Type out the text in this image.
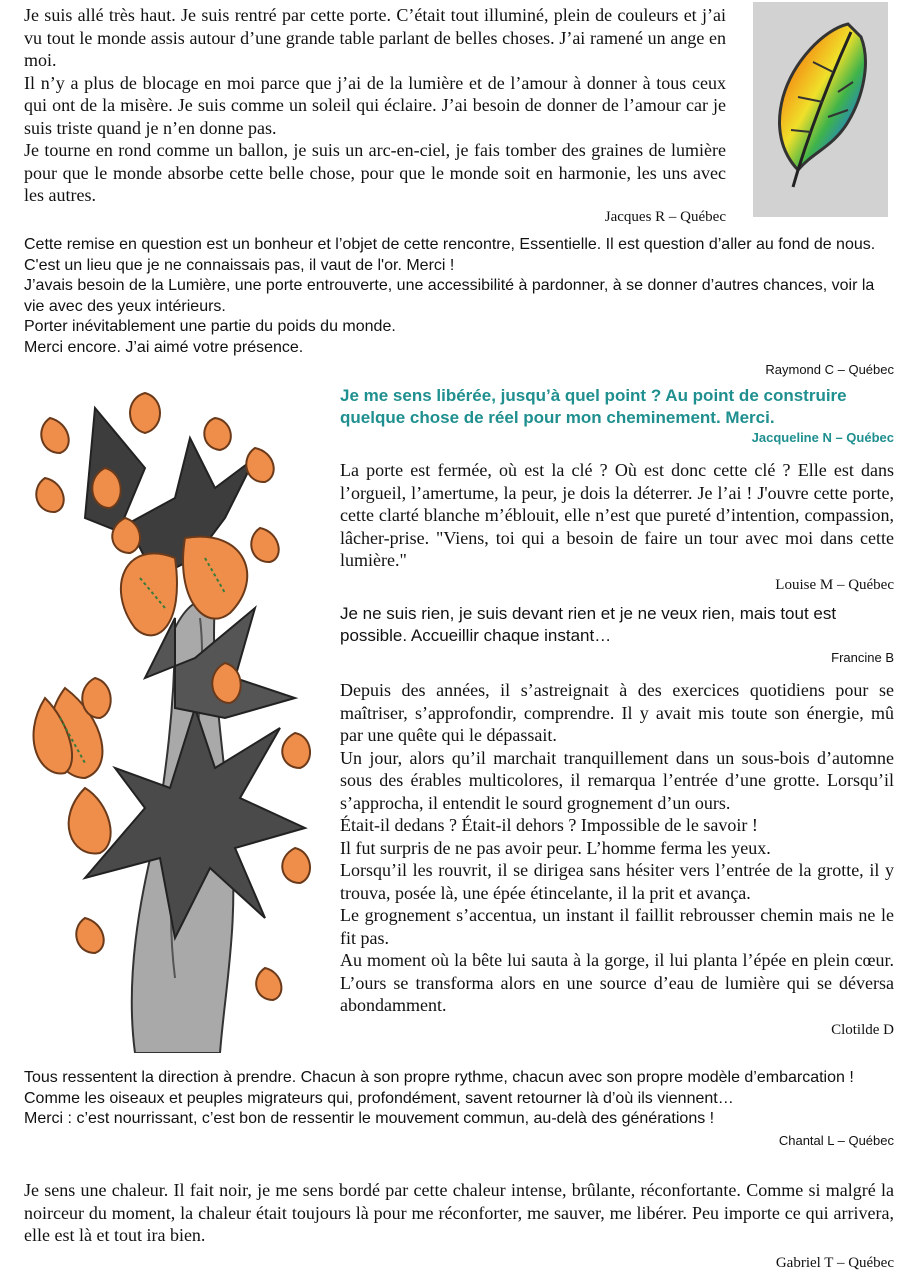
Je suis allé très haut. Je suis rentré par cette porte. C’était tout illuminé, plein de couleurs et j’ai vu tout le monde assis autour d’une grande table parlant de belles choses. J’ai ramené un ange en moi.

Il n’y a plus de blocage en moi parce que j’ai de la lumière et de l’amour à donner à tous ceux qui ont de la misère. Je suis comme un soleil qui éclaire. J’ai besoin de donner de l’amour car je suis triste quand je n’en donne pas.

Je tourne en rond comme un ballon, je suis un arc-en-ciel, je fais tomber des graines de lumière pour que le monde absorbe cette belle chose, pour que le monde soit en harmonie, les uns avec les autres.

Jacques R – Québec

Cette remise en question est un bonheur et l’objet de cette rencontre, Essentielle. Il est question d’aller au fond de nous. C'est un lieu que je ne connaissais pas, il vaut de l'or. Merci !

J’avais besoin de la Lumière, une porte entrouverte, une accessibilité à pardonner, à se donner d’autres chances, voir la vie avec des yeux intérieurs.

Porter inévitablement une partie du poids du monde.

Merci encore. J’ai aimé votre présence.

Raymond C – Québec

Je me sens libérée, jusqu’à quel point ? Au point de construire quelque chose de réel pour mon cheminement. Merci.

Jacqueline N – Québec

La porte est fermée, où est la clé ? Où est donc cette clé ? Elle est dans l’orgueil, l’amertume, la peur, je dois la déterrer. Je l’ai ! J'ouvre cette porte, cette clarté blanche m’éblouit, elle n’est que pureté d’intention, compassion, lâcher-prise. "Viens, toi qui a besoin de faire un tour avec moi dans cette lumière."

Louise M – Québec

Je ne suis rien, je suis devant rien et je ne veux rien, mais tout est possible. Accueillir chaque instant…

Francine B

Depuis des années, il s’astreignait à des exercices quotidiens pour se maîtriser, s’approfondir, comprendre. Il y avait mis toute son énergie, mû par une quête qui le dépassait.

Un jour, alors qu’il marchait tranquillement dans un sous-bois d’automne sous des érables multicolores, il remarqua l’entrée d’une grotte. Lorsqu’il s’approcha, il entendit le sourd grognement d’un ours.

Était-il dedans ? Était-il dehors ? Impossible de le savoir !

Il fut surpris de ne pas avoir peur. L’homme ferma les yeux.

Lorsqu’il les rouvrit, il se dirigea sans hésiter vers l’entrée de la grotte, il y trouva, posée là, une épée étincelante, il la prit et avança.

Le grognement s’accentua, un instant il faillit rebrousser chemin mais ne le fit pas.

Au moment où la bête lui sauta à la gorge, il lui planta l’épée en plein cœur. L’ours se transforma alors en une source d’eau de lumière qui se déversa abondamment.

Clotilde D

Tous ressentent la direction à prendre. Chacun à son propre rythme, chacun avec son propre modèle d’embarcation !

Comme les oiseaux et peuples migrateurs qui, profondément, savent retourner là d’où ils viennent…

Merci : c’est nourrissant, c’est bon de ressentir le mouvement commun, au-delà des générations !

Chantal L – Québec

Je sens une chaleur. Il fait noir, je me sens bordé par cette chaleur intense, brûlante, réconfortante. Comme si malgré la noirceur du moment, la chaleur était toujours là pour me réconforter, me sauver, me libérer. Peu importe ce qui arrivera, elle est là et tout ira bien.

Gabriel T – Québec
